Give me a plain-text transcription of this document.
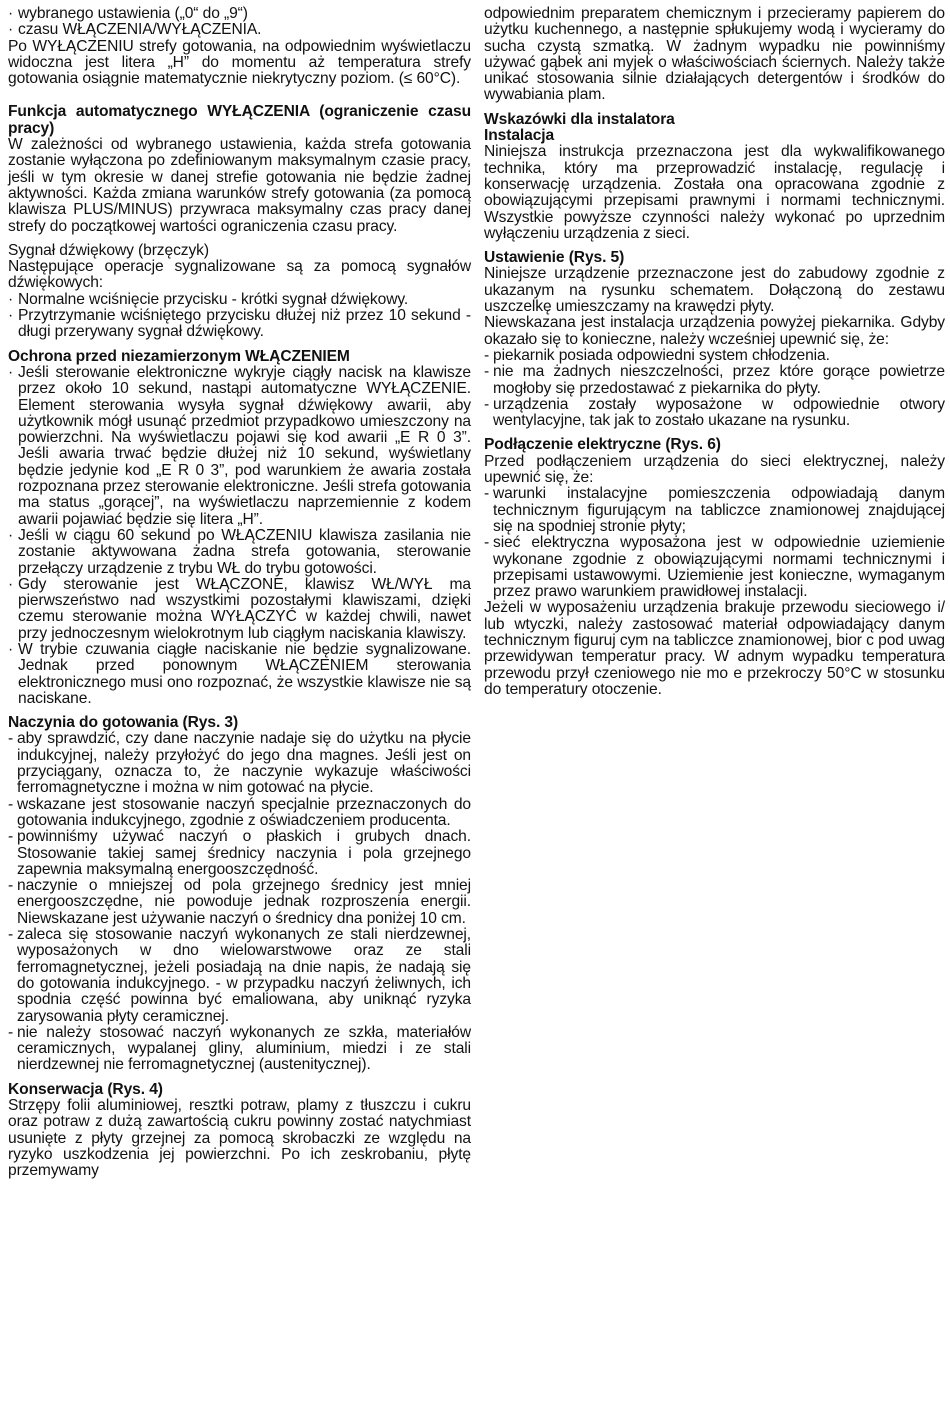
· wybranego ustawienia („0“ do „9“)
· czasu WŁĄCZENIA/WYŁĄCZENIA.

Po WYŁĄCZENIU strefy gotowania, na odpowiednim wyświetlaczu widoczna jest litera „H” do momentu aż temperatura strefy gotowania osiągnie matematycznie niekrytyczny poziom. (≤ 60°C).

Funkcja automatycznego WYŁĄCZENIA (ograniczenie czasu pracy)

W zależności od wybranego ustawienia, każda strefa gotowania zostanie wyłączona po zdefiniowanym maksymalnym czasie pracy, jeśli w tym okresie w danej strefie gotowania nie będzie żadnej aktywności. Każda zmiana warunków strefy gotowania (za pomocą klawisza PLUS/MINUS) przywraca maksymalny czas pracy danej strefy do początkowej wartości ograniczenia czasu pracy.

Sygnał dźwiękowy (brzęczyk)

Następujące operacje sygnalizowane są za pomocą sygnałów dźwiękowych:

· Normalne wciśnięcie przycisku - krótki sygnał dźwiękowy.
· Przytrzymanie wciśniętego przycisku dłużej niż przez 10 sekund - długi przerywany sygnał dźwiękowy.
Ochrona przed niezamierzonym WŁĄCZENIEM
· Jeśli sterowanie elektroniczne wykryje ciągły nacisk na klawisze przez około 10 sekund, nastąpi automatyczne WYŁĄCZENIE. Element sterowania wysyła sygnał dźwiękowy awarii, aby użytkownik mógł usunąć przedmiot przypadkowo umieszczony na powierzchni. Na wyświetlaczu pojawi się kod awarii „E R 0 3”. Jeśli awaria trwać będzie dłużej niż 10 sekund, wyświetlany będzie jedynie kod „E R 0 3”, pod warunkiem że awaria została rozpoznana przez sterowanie elektroniczne. Jeśli strefa gotowania ma status „gorącej”, na wyświetlaczu naprzemiennie z kodem awarii pojawiać będzie się litera „H”.
· Jeśli w ciągu 60 sekund po WŁĄCZENIU klawisza zasilania nie zostanie aktywowana żadna strefa gotowania, sterowanie przełączy urządzenie z trybu WŁ do trybu gotowości.
· Gdy sterowanie jest WŁĄCZONE, klawisz WŁ/WYŁ ma pierwszeństwo nad wszystkimi pozostałymi klawiszami, dzięki czemu sterowanie można WYŁĄCZYĆ w każdej chwili, nawet przy jednoczesnym wielokrotnym lub ciągłym naciskania klawiszy.
· W trybie czuwania ciągłe naciskanie nie będzie sygnalizowane. Jednak przed ponownym WŁĄCZENIEM sterowania elektronicznego musi ono rozpoznać, że wszystkie klawisze nie są naciskane.
Naczynia do gotowania (Rys. 3)
- aby sprawdzić, czy dane naczynie nadaje się do użytku na płycie indukcyjnej, należy przyłożyć do jego dna magnes. Jeśli jest on przyciągany, oznacza to, że naczynie wykazuje właściwości ferromagnetyczne i można w nim gotować na płycie.
- wskazane jest stosowanie naczyń specjalnie przeznaczonych do gotowania indukcyjnego, zgodnie z oświadczeniem producenta.
- powinniśmy używać naczyń o płaskich i grubych dnach. Stosowanie takiej samej średnicy naczynia i pola grzejnego zapewnia maksymalną energooszczędność.
- naczynie o mniejszej od pola grzejnego średnicy jest mniej energooszczędne, nie powoduje jednak rozproszenia energii. Niewskazane jest używanie naczyń o średnicy dna poniżej 10 cm.
- zaleca się stosowanie naczyń wykonanych ze stali nierdzewnej, wyposażonych w dno wielowarstwowe oraz ze stali ferromagnetycznej, jeżeli posiadają na dnie napis, że nadają się do gotowania indukcyjnego. - w przypadku naczyń żeliwnych, ich spodnia część powinna być emaliowana, aby uniknąć ryzyka zarysowania płyty ceramicznej.
- nie należy stosować naczyń wykonanych ze szkła, materiałów ceramicznych, wypalanej gliny, aluminium, miedzi i ze stali nierdzewnej nie ferromagnetycznej (austenitycznej).
Konserwacja (Rys. 4)

Strzępy folii aluminiowej, resztki potraw, plamy z tłuszczu i cukru oraz potraw z dużą zawartością cukru powinny zostać natychmiast usunięte z płyty grzejnej za pomocą skrobaczki ze względu na ryzyko uszkodzenia jej powierzchni. Po ich zeskrobaniu, płytę przemywamy

odpowiednim preparatem chemicznym i przecieramy papierem do użytku kuchennego, a następnie spłukujemy wodą i wycieramy do sucha czystą szmatką. W żadnym wypadku nie powinniśmy używać gąbek ani myjek o właściwościach ściernych. Należy także unikać stosowania silnie działających detergentów i środków do wywabiania plam.

Wskazówki dla instalatora
Instalacja

Niniejsza instrukcja przeznaczona jest dla wykwalifikowanego technika, który ma przeprowadzić instalację, regulację i konserwację urządzenia. Została ona opracowana zgodnie z obowiązującymi przepisami prawnymi i normami technicznymi. Wszystkie powyższe czynności należy wykonać po uprzednim wyłączeniu urządzenia z sieci.

Ustawienie (Rys. 5)

Niniejsze urządzenie przeznaczone jest do zabudowy zgodnie z ukazanym na rysunku schematem. Dołączoną do zestawu uszczelkę umieszczamy na krawędzi płyty.

Niewskazana jest instalacja urządzenia powyżej piekarnika. Gdyby okazało się to konieczne, należy wcześniej upewnić się, że:

- piekarnik posiada odpowiedni system chłodzenia.
- nie ma żadnych nieszczelności, przez które gorące powietrze mogłoby się przedostawać z piekarnika do płyty.
- urządzenia zostały wyposażone w odpowiednie otwory wentylacyjne, tak jak to zostało ukazane na rysunku.
Podłączenie elektryczne (Rys. 6)

Przed podłączeniem urządzenia do sieci elektrycznej, należy upewnić się, że:

- warunki instalacyjne pomieszczenia odpowiadają danym technicznym figurującym na tabliczce znamionowej znajdującej się na spodniej stronie płyty;
- sieć elektryczna wyposażona jest w odpowiednie uziemienie wykonane zgodnie z obowiązującymi normami technicznymi i przepisami ustawowymi. Uziemienie jest konieczne, wymaganym przez prawo warunkiem prawidłowej instalacji.

Jeżeli w wyposażeniu urządzenia brakuje przewodu sieciowego i/ lub wtyczki, należy zastosować materiał odpowiadający danym technicznym figuruj cym na tabliczce znamionowej, bior c pod uwag przewidywan temperatur pracy. W adnym wypadku temperatura przewodu przył czeniowego nie mo e przekroczy 50°C w stosunku do temperatury otoczenie.
